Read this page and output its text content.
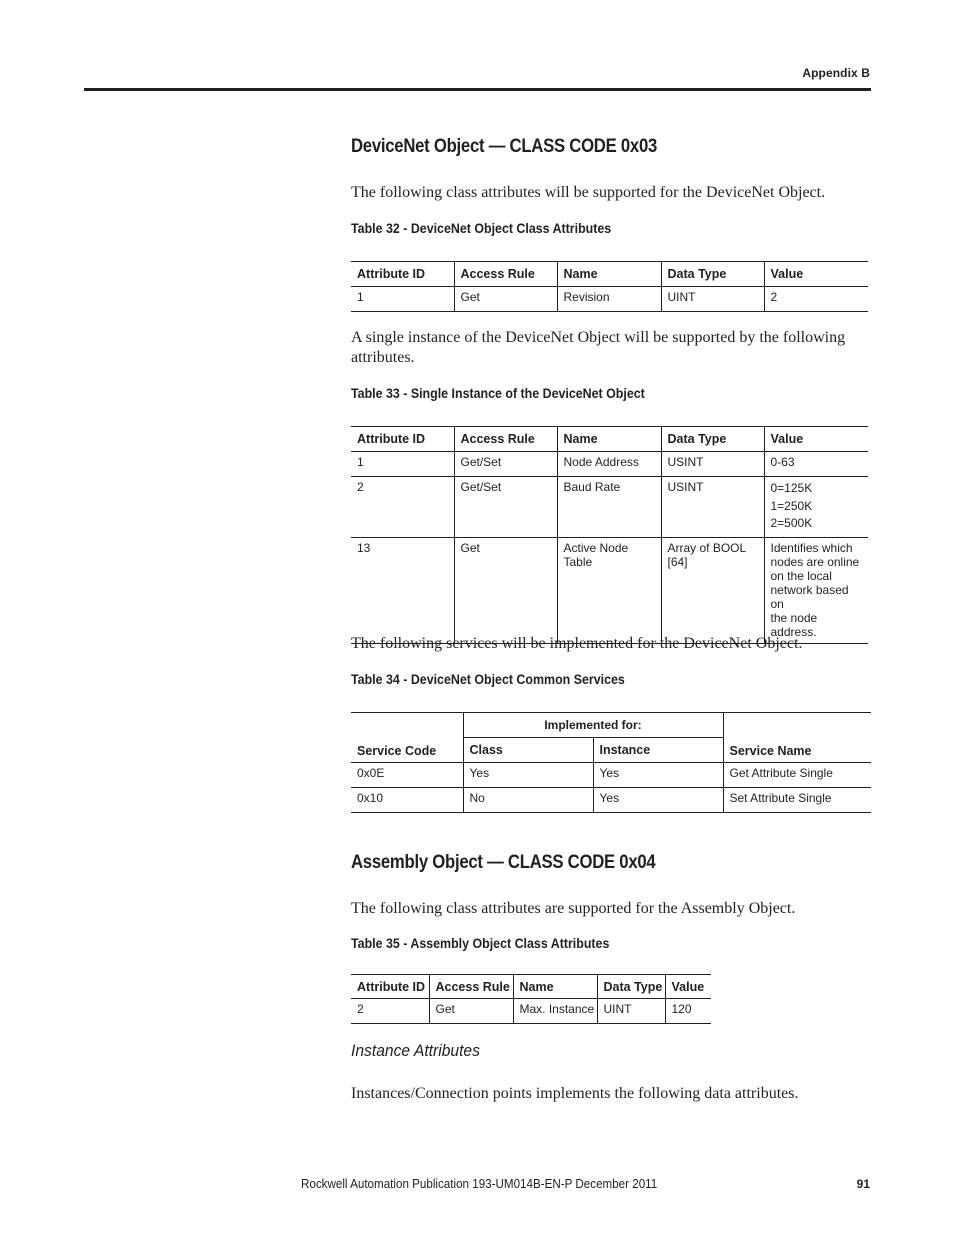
Appendix B
DeviceNet Object — CLASS CODE 0x03

The following class attributes will be supported for the DeviceNet Object.

Table 32 - DeviceNet Object Class Attributes

Attribute ID	Access Rule	Name	Data Type	Value
1	Get	Revision	UINT	2

A single instance of the DeviceNet Object will be supported by the following attributes.

Table 33 - Single Instance of the DeviceNet Object

Attribute ID	Access Rule	Name	Data Type	Value
1	Get/Set	Node Address	USINT	0-63

2	Get/Set	Baud Rate	USINT	0=125K
1=250K
2=500K

13	Get	Active Node
Table	Array of BOOL
[64]	Identifies which
nodes are online
on the local
network based on
the node address.

The following services will be implemented for the DeviceNet Object.

Table 34 - DeviceNet Object Common Services

Service Code	Implemented for:		Service Name
	Class	Instance	
0x0E	Yes	Yes	Get Attribute Single
0x10	No	Yes	Set Attribute Single
Assembly Object — CLASS CODE 0x04

The following class attributes are supported for the Assembly Object.

Table 35 - Assembly Object Class Attributes

Attribute ID	Access Rule	Name	Data Type	Value
2	Get	Max. Instance	UINT	120

Instance Attributes

Instances/Connection points implements the following data attributes.

Rockwell Automation Publication 193-UM014B-EN-P December 2011	91
